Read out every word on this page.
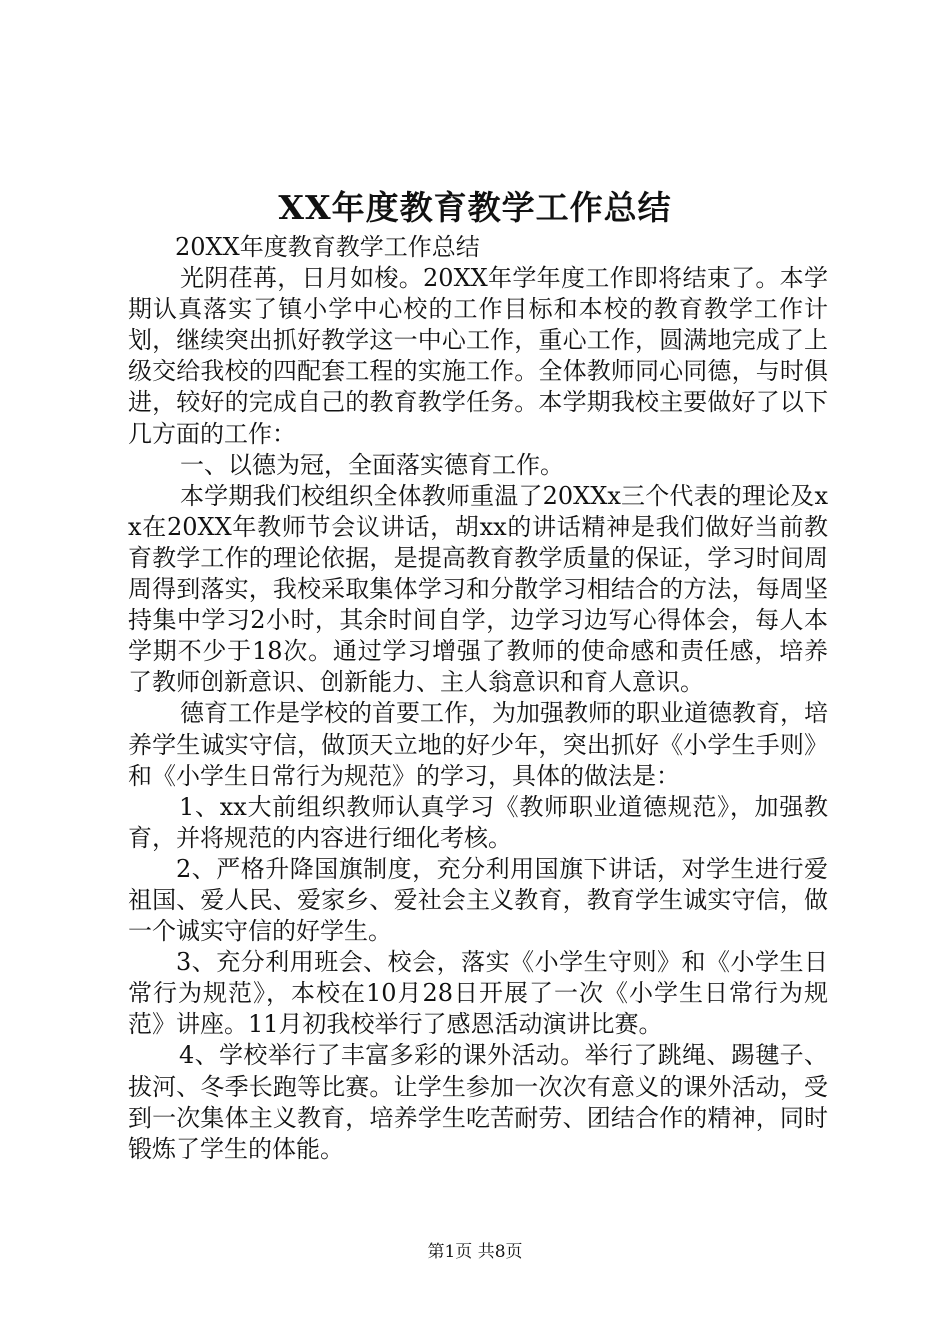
XX年度教育教学工作总结

20XX年度教育教学工作总结

光阴荏苒，日月如梭。20XX年学年度工作即将结束了。本学期认真落实了镇小学中心校的工作目标和本校的教育教学工作计划，继续突出抓好教学这一中心工作，重心工作，圆满地完成了上级交给我校的四配套工程的实施工作。全体教师同心同德，与时俱进，较好的完成自己的教育教学任务。本学期我校主要做好了以下几方面的工作：

一、以德为冠，全面落实德育工作。

本学期我们校组织全体教师重温了20XXx三个代表的理论及xx在20XX年教师节会议讲话，胡xx的讲话精神是我们做好当前教育教学工作的理论依据，是提高教育教学质量的保证，学习时间周周得到落实，我校采取集体学习和分散学习相结合的方法，每周坚持集中学习2小时，其余时间自学，边学习边写心得体会，每人本学期不少于18次。通过学习增强了教师的使命感和责任感，培养了教师创新意识、创新能力、主人翁意识和育人意识。

德育工作是学校的首要工作，为加强教师的职业道德教育，培养学生诚实守信，做顶天立地的好少年，突出抓好《小学生手则》和《小学生日常行为规范》的学习，具体的做法是：

1、xx大前组织教师认真学习《教师职业道德规范》，加强教育，并将规范的内容进行细化考核。

2、严格升降国旗制度，充分利用国旗下讲话，对学生进行爱祖国、爱人民、爱家乡、爱社会主义教育，教育学生诚实守信，做一个诚实守信的好学生。

3、充分利用班会、校会，落实《小学生守则》和《小学生日常行为规范》，本校在10月28日开展了一次《小学生日常行为规范》讲座。11月初我校举行了感恩活动演讲比赛。

4、学校举行了丰富多彩的课外活动。举行了跳绳、踢毽子、拔河、冬季长跑等比赛。让学生参加一次次有意义的课外活动，受到一次集体主义教育，培养学生吃苦耐劳、团结合作的精神，同时锻炼了学生的体能。

第1页 共8页
